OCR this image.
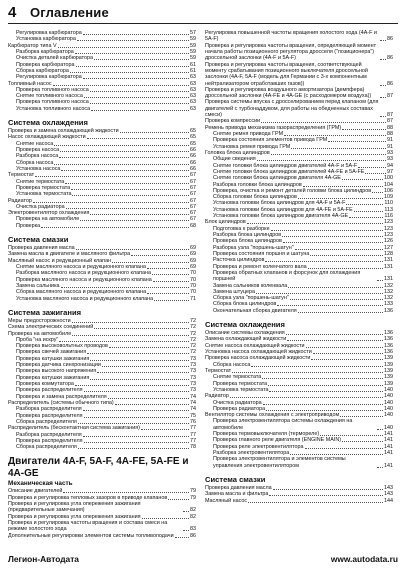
4 Оглавление
Регулировка карбюратора	57
Установка карбюратора	59
Карбюратор типа V	59
Разборка карбюратора	59
Очистка деталей карбюратора	59
Проверка карбюратора	61
Сборка карбюратора	61
Регулировка карбюратора	63
Топливный насос	63
Проверка топливного насоса	63
Снятие топливного насоса	63
Проверка топливного насоса	63
Установка топливного насоса	63
Система охлаждения
Проверка и замена охлаждающей жидкости	65
Насос охлаждающей жидкости	65
Снятие насоса	65
Проверка насоса	66
Разборка насоса	66
Сборка насоса	66
Установка насоса	66
Термостат	67
Снятие термостата	67
Проверка термостата	67
Установка термостата	67
Радиатор	67
Очистка радиатора	67
Электровентилятор охлаждения	67
Проверка на автомобиле	67
Проверка	68
Система смазки
Проверка давления масла	69
Замена масла в двигателе и масляного фильтра	69
Масляный насос и редукционный клапан	69
Снятие масляного насоса и редукционного клапана	69
Разборка масляного насоса и редукционного клапана	70
Проверка масляного насоса и редукционного клапана	70
Замена сальника	70
Сборка масляного насоса и редукционного клапана	70
Установка масляного насоса и редукционного клапана	71
Система зажигания
Меры предосторожности	72
Схема электрических соединений	72
Проверка на автомобиле	72
Проба "на искру"	72
Проверка высоковольтных проводов	72
Проверка свечей зажигания	72
Проверка катушки зажигания	73
Проверка датчика синхронизации	73
Проверка высокого напряжения	73
Проверка катушки зажигания	73
Проверка коммутатора	73
Проверка распределителя	73
Проверка и замена распределителя	74
Распределитель (системы обычного типа)	74
Разборка распределителя	74
Проверка распределителя	75
Сборка распределителя	76
Распределитель (бесконтактная система зажигания)	77
Разборка распределителя	77
Проверка распределителя	77
Сборка распределителя	78
Двигатели 4A-F, 5A-F, 4A-FE, 5A-FE и 4A-GE
Механическая часть
Описание двигателей	79
Проверка и регулировка тепловых зазоров в приводе клапанов	79
Проверка и регулировка угла опережения зажигания (предварительные замечания)	82
Проверка и регулировка угла опережения зажигания	82
Проверка и регулировка частоты вращения и состава смеси на режиме холостого хода	83
Дополнительные регулировки элементов системы топливоподачи	86
Регулировка повышенной частоты вращения холостого хода (4A-F и 5A-F)	86
Проверка и регулировка частоты вращения, определяющей момент начала работы позиционного регулятора дросселя ("позиционера") дроссельной заслонки (4A-F и 5A-F)	86
Проверка и регулировка частоты вращения, соответствующей моменту срабатывания позиционного выключателя дроссельной заслонки (4A-F, 5A-F (модель для Германии с 3-х компонентным нейтрализатором отработавших газов))	86
Проверка и регулировка воздушного амортизатора (демпфера) дроссельной заслонки (4A-FE и 4A-GE (с расходомером воздуха))	87
Проверка системы впуска с дросселированием перед клапаном (для двигателей с турбонаддувом, для работы на обедненных составах смеси)	87
Проверка компрессии	87
Ремень привода механизма газораспределения (ГРМ)	88
Снятие ремня привода ГРМ	88
Проверка состояния элементов привода ГРМ	91
Установка ремня привода ГРМ	91
Головка блока цилиндров	93
Общие сведения	93
Снятие головки блока цилиндров двигателей 4A-F и 5A-F	94
Снятие головки блока цилиндров двигателей 4A-FE и 5A-FE	97
Снятие головки блока цилиндров двигателя 4A-GE	100
Разборка головки блока цилиндров	104
Проверка, очистка и ремонт деталей головки блока цилиндров 106
Сборка головки блока цилиндров	109
Установка головки блока цилиндров для 4A-F и 5A-F	110
Установка головки блока цилиндров для 4A-FE и 5A-FE	113
Установка головки блока цилиндров двигателя 4A-GE	116
Блок цилиндров	123
Подготовка к разборке	123
Разборка блока цилиндров	123
Проверка блока цилиндров	126
Разборка узла "поршень-шатун"	127
Проверка состояния поршня и шатуна	128
Расточка цилиндров	131
Проверка и ремонт коленчатого вала	131
Проверка обратных клапанов и форсунок для охлаждения поршней	131
Замена сальников коленвала	132
Замена штуцера	132
Сборка узла "поршень-шатун"	132
Сборка блока цилиндров	133
Окончательная сборка двигателя	136
Система охлаждения
Описание системы охлаждения	136
Замена охлаждающей жидкости	136
Снятие насоса охлаждающей жидкости	136
Установка насоса охлаждающей жидкости	136
Проверка насоса охлаждающей жидкости	139
Сборка насоса	139
Термостат	139
Снятие термостата	139
Проверка термостата	139
Установка термостата	140
Радиатор	140
Очистка радиатора	140
Проверка радиатора	140
Вентилятор системы охлаждения с электроприводом	140
Проверка электровентилятора системы охлаждения на автомобиле	140
Проверка термовыключателя (термореле)	141
Проверка главного реле двигателя (ENGINE MAIN)	141
Проверка реле электровентилятора	141
Разборка электровентилятора	141
Проверка электровентилятора и элементов системы управления электровентилятором	141
Система смазки
Проверка давления масла	143
Замена масла и фильтра	143
Масляный насос	144
Легион-Автодата	www.autodata.ru
